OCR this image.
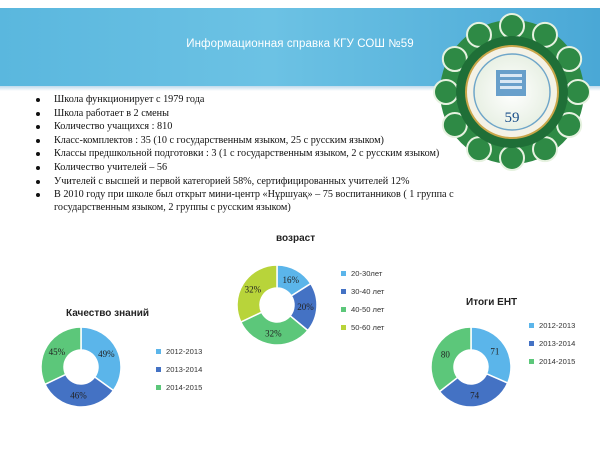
Информационная справка КГУ СОШ №59
59
Школа функционирует с 1979 года
Школа работает в 2 смены
Количество учащихся : 810
Класс-комплектов : 35 (10 с государственным языком, 25 с русским языком)
Классы предшкольной подготовки : 3 (1 с государственным языком, 2 с русским языком)
Количество учителей – 56
Учителей с высшей и первой категорией 58%, сертифицированных учителей 12%
В 2010 году при школе был открыт мини-центр «Нұршуақ» – 75 воспитанников ( 1 группа с государственным языком, 2 группы с русским языком)
Качество знаний
49%
46%
45%	2012-2013
2013-2014
2014-2015
возраст
16%
20%
32%
32%
20-30лет
30-40 лет
40-50 лет
50-60 лет
Итоги ЕНТ
71
74
80
2012-2013
2013-2014
2014-2015
